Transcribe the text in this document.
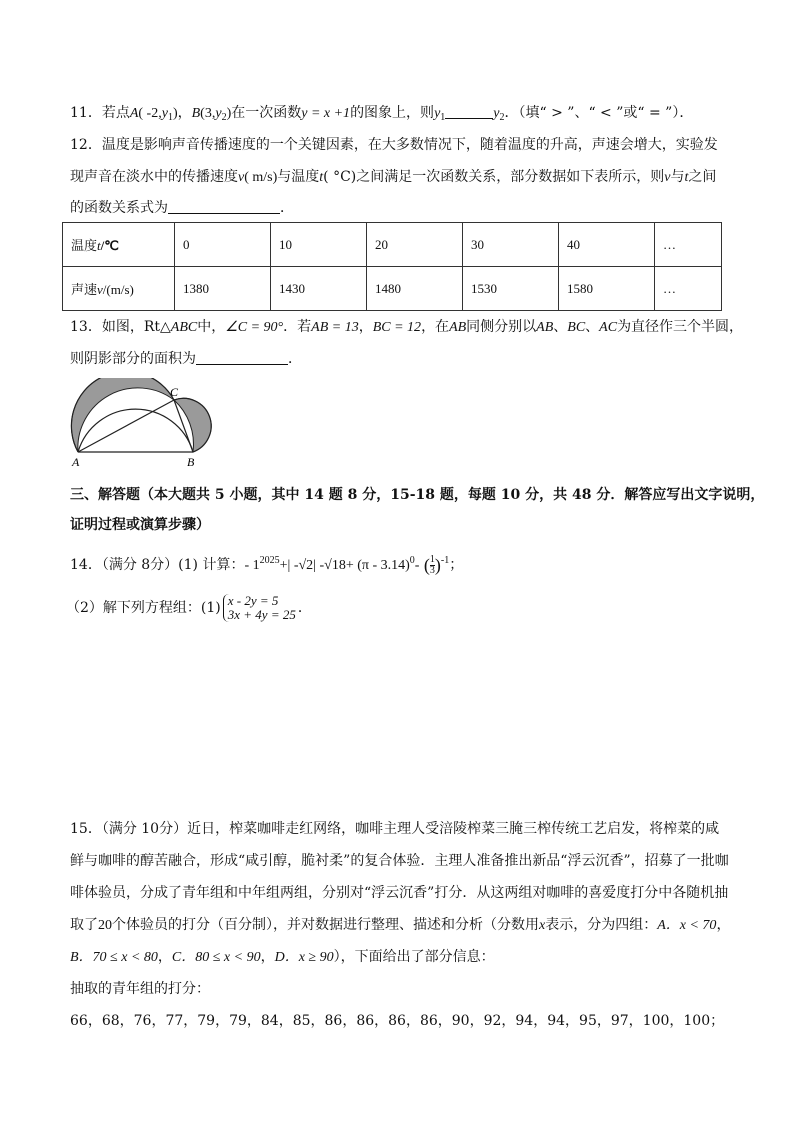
11．若点A( $-2,y_1$)，$B(3,y_2)$在一次函数y = x +1的图象上，则$y_1$	$y_2$．（填“ > ”、“ < ”或“ = ”）．
12．温度是影响声音传播速度的一个关键因素，在大多数情况下，随着温度的升高，声速会增大，实验发
现声音在淡水中的传播速度v( m/s)与温度t( °C)之间满足一次函数关系，部分数据如下表所示，则v与t之间
的函数关系式为	．
温度t/℃	0	10	20	30	40	…
声速v/(m/s)	1380	1430	1480	1530	1580	…
13．如图，Rt△ABC中，∠C = 90°．若AB = 13，BC = 12，在AB同侧分别以AB、BC、AC为直径作三个半圆，
则阴影部分的面积为	．
A	B
C
三、解答题（本大题共 5 小题，其中 14 题 8 分，15-18 题，每题 10 分，共 48 分．解答应写出文字说明，
证明过程或演算步骤）
14．（满分 8分）(1) 计算：- $1^{2025}+|$ -√2| -√18+ (π - 3.14)$^0$- ( $\frac{1}{3} )^{-1}$；
（2）解下列方程组：(1) x - 2y = 5
3x + 4y = 25 ．
15．（满分 10分）近日，榨菜咖啡走红网络，咖啡主理人受涪陵榨菜三腌三榨传统工艺启发，将榨菜的咸
鲜与咖啡的醇苦融合，形成“咸引醇，脆衬柔”的复合体验．主理人准备推出新品“浮云沉香”，招募了一批咖
啡体验员，分成了青年组和中年组两组，分别对“浮云沉香”打分．从这两组对咖啡的喜爱度打分中各随机抽
取了20个体验员的打分（百分制），并对数据进行整理、描述和分析（分数用x表示，分为四组：A．x < 70，
B．70 ≤ x < 80，C．80 ≤ x < 90，D．x ≥ 90），下面给出了部分信息：
抽取的青年组的打分：
66，68，76，77，79，79，84，85，86，86，86，86，90，92，94，94，95，97，100，100；
